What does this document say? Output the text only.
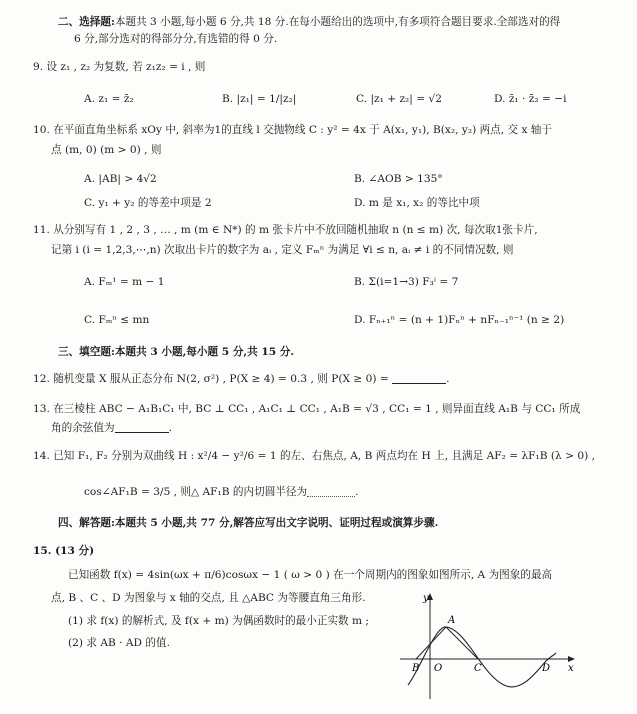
二、选择题:本题共 3 小题,每小题 6 分,共 18 分.在每小题给出的选项中,有多项符合题目要求.全部选对的得
6 分,部分选对的得部分分,有选错的得 0 分.
9. 设 z₁ , z₂ 为复数, 若 z₁z₂ = i , 则
A. z₁ = z̄₂	B. |z₁| = 1/|z₂|	C. |z₁ + z₂| = √2	D. z̄₁ · z̄₂ = −i
10. 在平面直角坐标系 xOy 中, 斜率为1的直线 l 交抛物线 C : y² = 4x 于 A(x₁, y₁), B(x₂, y₂) 两点, 交 x 轴于
点 (m, 0) (m > 0) , 则
A. |AB| > 4√2	B. ∠AOB > 135°
C. y₁ + y₂ 的等差中项是 2	D. m 是 x₁, x₂ 的等比中项
11. 从分别写有 1 , 2 , 3 , … , m (m ∈ N*) 的 m 张卡片中不放回随机抽取 n (n ≤ m) 次, 每次取1张卡片,
记第 i (i = 1,2,3,⋯,n) 次取出卡片的数字为 aᵢ , 定义 Fₘⁿ 为满足 ∀i ≤ n, aᵢ ≠ i 的不同情况数, 则
A. Fₘ¹ = m − 1	B. Σ(i=1→3) F₃ⁱ = 7
C. Fₘⁿ ≤ mn	D. Fₙ₊₁ⁿ = (n + 1)Fₙⁿ + nFₙ₋₁ⁿ⁻¹ (n ≥ 2)
三、填空题:本题共 3 小题,每小题 5 分,共 15 分.
12. 随机变量 X 服从正态分布 N(2, σ²) , P(X ≥ 4) = 0.3 , 则 P(X ≥ 0) =	.
13. 在三棱柱 ABC − A₁B₁C₁ 中, BC ⊥ CC₁ , A₁C₁ ⊥ CC₁ , A₁B = √3 , CC₁ = 1 , 则异面直线 A₁B 与 CC₁ 所成
角的余弦值为	.
14. 已知 F₁, F₂ 分别为双曲线 H : x²/4 − y²/6 = 1 的左、右焦点, A, B 两点均在 H 上, 且满足 AF₂ = λF₁B (λ > 0) ,
cos∠AF₁B = 3/5 , 则△ AF₁B 的内切圆半径为	.
四、解答题:本题共 5 小题,共 77 分,解答应写出文字说明、证明过程或演算步骤.
15. (13 分)
已知函数 f(x) = 4sin(ωx + π/6)cosωx − 1 ( ω > 0 ) 在一个周期内的图象如图所示, A 为图象的最高
点, B 、C 、D 为图象与 x 轴的交点, 且 △ABC 为等腰直角三角形.
(1) 求 f(x) 的解析式, 及 f(x + m) 为偶函数时的最小正实数 m ;
(2) 求 AB · AD 的值.
y
x
A
B O	C	D
